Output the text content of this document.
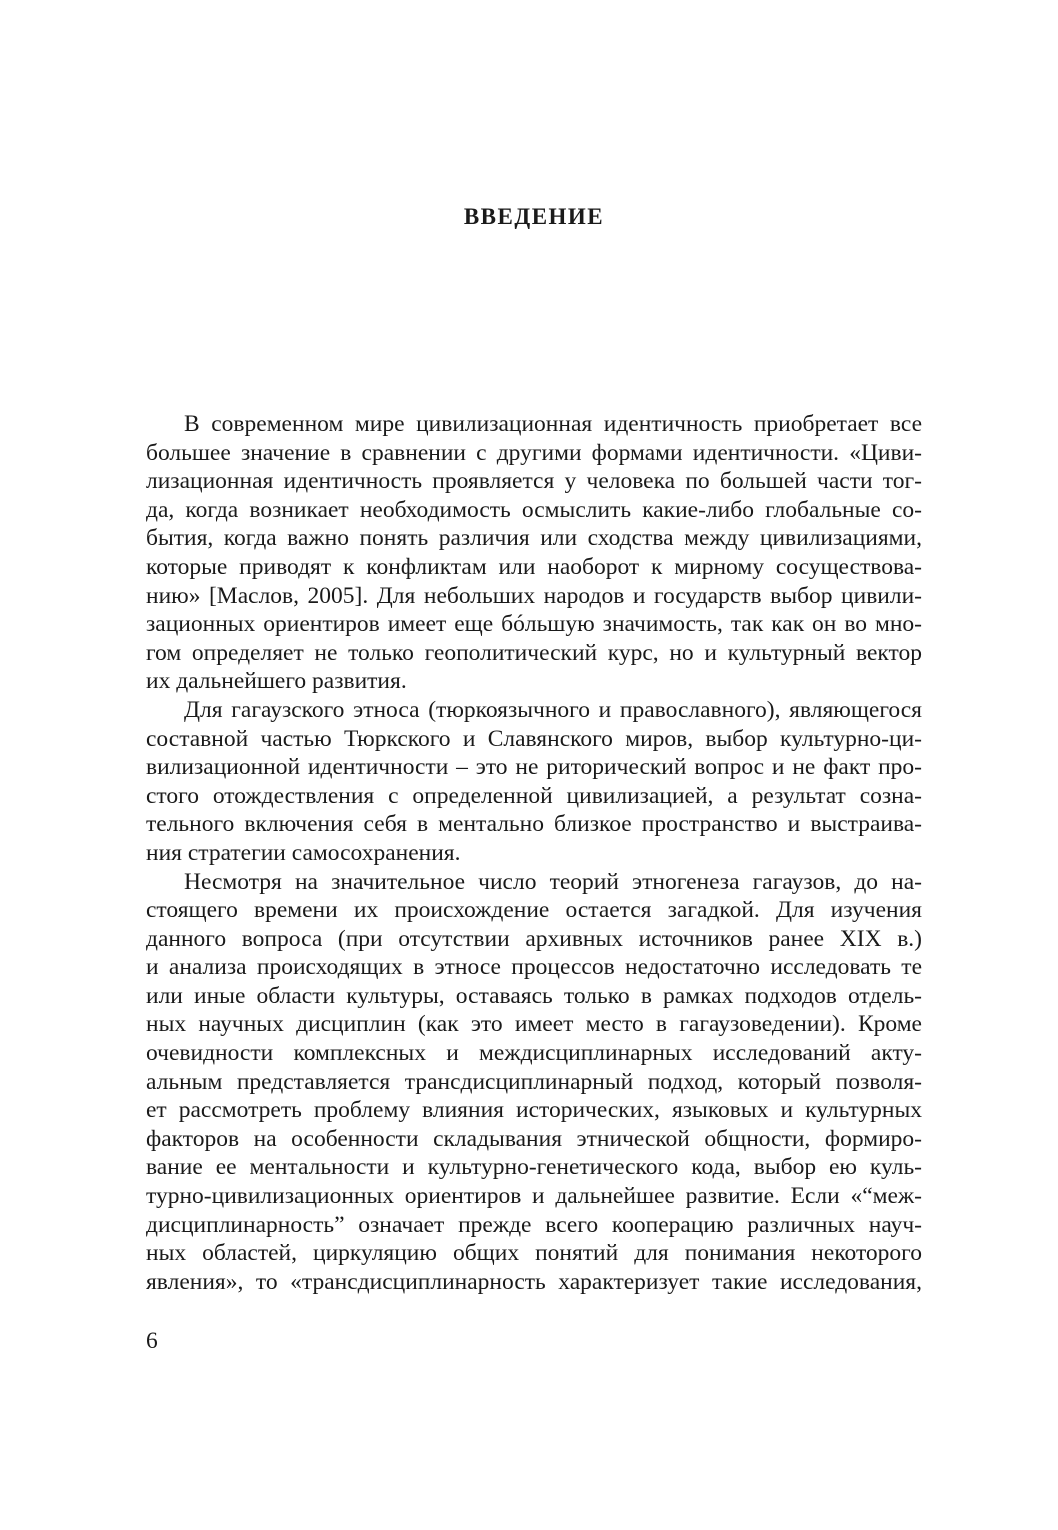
ВВЕДЕНИЕ
В современном мире цивилизационная идентичность приобретает все
большее значение в сравнении с другими формами идентичности. «Циви-
лизационная идентичность проявляется у человека по большей части тог-
да, когда возникает необходимость осмыслить какие-либо глобальные со-
бытия, когда важно понять различия или сходства между цивилизациями,
которые приводят к конфликтам или наоборот к мирному сосуществова-
нию» [Маслов, 2005]. Для небольших народов и государств выбор цивили-
зационных ориентиров имеет еще бóльшую значимость, так как он во мно-
гом определяет не только геополитический курс, но и культурный вектор
их дальнейшего развития.
Для гагаузского этноса (тюркоязычного и православного), являющегося
составной частью Тюркского и Славянского миров, выбор культурно-ци-
вилизационной идентичности – это не риторический вопрос и не факт про-
стого отождествления с определенной цивилизацией, а результат созна-
тельного включения себя в ментально близкое пространство и выстраива-
ния стратегии самосохранения.
Несмотря на значительное число теорий этногенеза гагаузов, до на-
стоящего времени их происхождение остается загадкой. Для изучения
данного вопроса (при отсутствии архивных источников ранее XIX в.)
и анализа происходящих в этносе процессов недостаточно исследовать те
или иные области культуры, оставаясь только в рамках подходов отдель-
ных научных дисциплин (как это имеет место в гагаузоведении). Кроме
очевидности комплексных и междисциплинарных исследований акту-
альным представляется трансдисциплинарный подход, который позволя-
ет рассмотреть проблему влияния исторических, языковых и культурных
факторов на особенности складывания этнической общности, формиро-
вание ее ментальности и культурно-генетического кода, выбор ею куль-
турно-цивилизационных ориентиров и дальнейшее развитие. Если «“меж-
дисциплинарность” означает прежде всего кооперацию различных науч-
ных областей, циркуляцию общих понятий для понимания некоторого
явления», то «трансдисциплинарность характеризует такие исследования,
6
